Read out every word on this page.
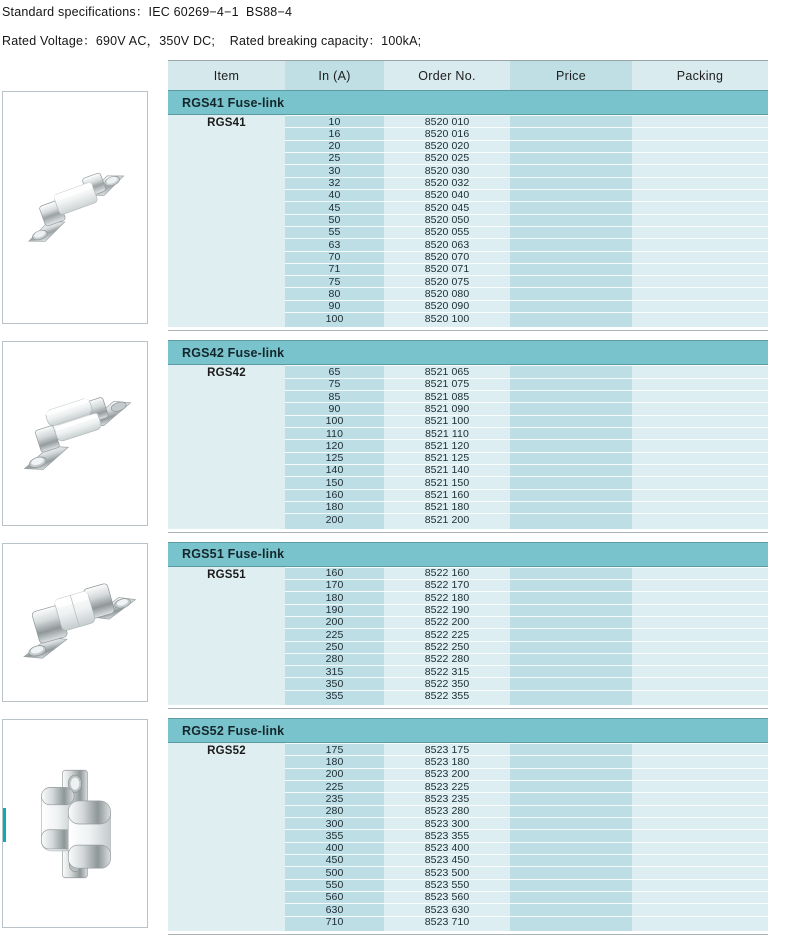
Standard specifications：IEC 60269−4−1  BS88−4
Rated Voltage：690V AC，350V DC;    Rated breaking capacity：100kA;
Item	In (A)	Order No.	Price	Packing
RGS41 Fuse-link
RGS41	10	8520 010
16	8520 016
20	8520 020
25	8520 025
30	8520 030
32	8520 032
40	8520 040
45	8520 045
50	8520 050
55	8520 055
63	8520 063
70	8520 070
71	8520 071
75	8520 075
80	8520 080
90	8520 090
100	8520 100
RGS42 Fuse-link
RGS42	65	8521 065
75	8521 075
85	8521 085
90	8521 090
100	8521 100
110	8521 110
120	8521 120
125	8521 125
140	8521 140
150	8521 150
160	8521 160
180	8521 180
200	8521 200
RGS51 Fuse-link
RGS51	160	8522 160
170	8522 170
180	8522 180
190	8522 190
200	8522 200
225	8522 225
250	8522 250
280	8522 280
315	8522 315
350	8522 350
355	8522 355
RGS52 Fuse-link
RGS52	175	8523 175
180	8523 180
200	8523 200
225	8523 225
235	8523 235
280	8523 280
300	8523 300
355	8523 355
400	8523 400
450	8523 450
500	8523 500
550	8523 550
560	8523 560
630	8523 630
710	8523 710
